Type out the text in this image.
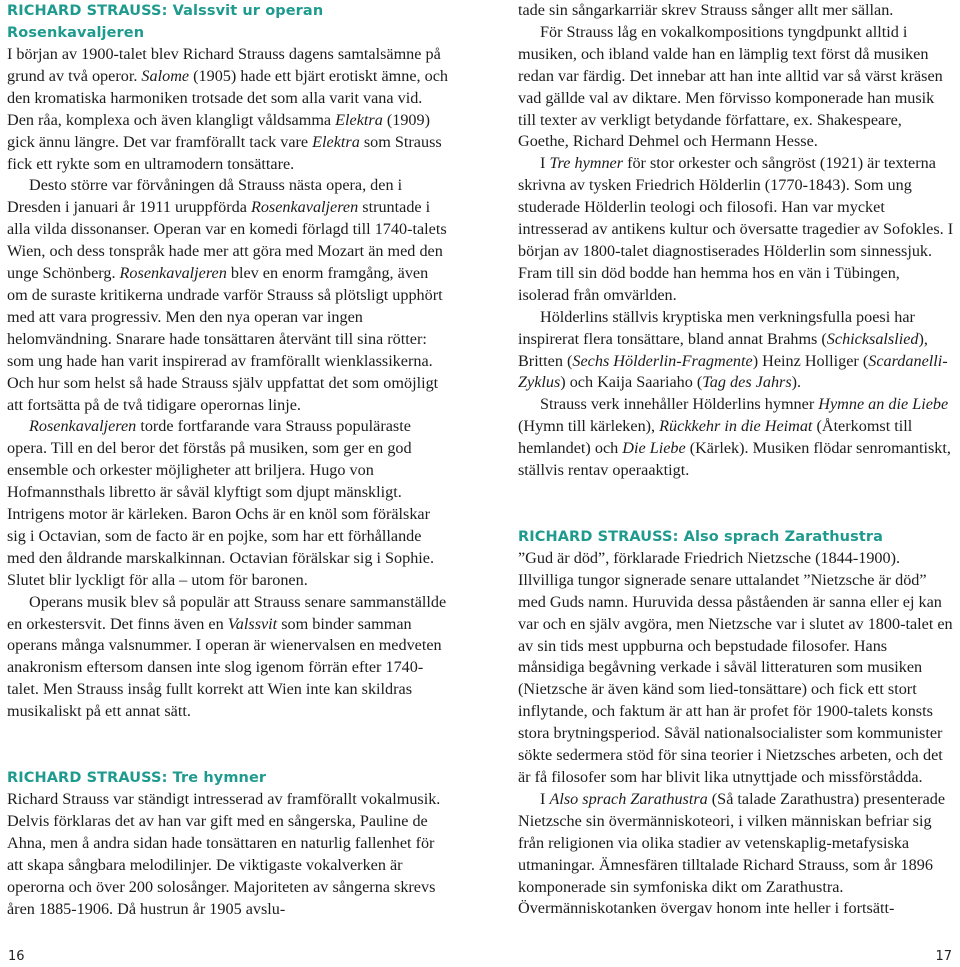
RICHARD STRAUSS: Valssvit ur operan Rosenkavaljeren

I början av 1900-talet blev Richard Strauss dagens samtalsämne på grund av två operor. Salome (1905) hade ett bjärt erotiskt ämne, och den kromatiska harmoniken trotsade det som alla varit vana vid. Den råa, komplexa och även klangligt våldsamma Elektra (1909) gick ännu längre. Det var framförallt tack vare Elektra som Strauss fick ett rykte som en ultramodern tonsättare.

Desto större var förvåningen då Strauss nästa opera, den i Dresden i januari år 1911 uruppförda Rosenkavaljeren struntade i alla vilda dissonanser. Operan var en komedi förlagd till 1740-talets Wien, och dess tonspråk hade mer att göra med Mozart än med den unge Schönberg. Rosenkavaljeren blev en enorm framgång, även om de suraste kritikerna undrade varför Strauss så plötsligt upphört med att vara progressiv. Men den nya operan var ingen helomvändning. Snarare hade tonsättaren återvänt till sina rötter: som ung hade han varit inspirerad av framförallt wienklassikerna. Och hur som helst så hade Strauss själv uppfattat det som omöjligt att fortsätta på de två tidigare operornas linje.

Rosenkavaljeren torde fortfarande vara Strauss populäraste opera. Till en del beror det förstås på musiken, som ger en god ensemble och orkester möjligheter att briljera. Hugo von Hofmannsthals libretto är såväl klyftigt som djupt mänskligt. Intrigens motor är kärleken. Baron Ochs är en knöl som förälskar sig i Octavian, som de facto är en pojke, som har ett förhållande med den åldrande marskalkinnan. Octavian förälskar sig i Sophie. Slutet blir lyckligt för alla – utom för baronen.

Operans musik blev så populär att Strauss senare sammanställde en orkestersvit. Det finns även en Valssvit som binder samman operans många valsnummer. I operan är wienervalsen en medveten anakronism eftersom dansen inte slog igenom förrän efter 1740-talet. Men Strauss insåg fullt korrekt att Wien inte kan skildras musikaliskt på ett annat sätt.

RICHARD STRAUSS: Tre hymner

Richard Strauss var ständigt intresserad av framförallt vokalmusik. Delvis förklaras det av han var gift med en sångerska, Pauline de Ahna, men å andra sidan hade tonsättaren en naturlig fallenhet för att skapa sångbara melodilinjer. De viktigaste vokalverken är operorna och över 200 solosånger. Majoriteten av sångerna skrevs åren 1885-1906. Då hustrun år 1905 avslu-

tade sin sångarkarriär skrev Strauss sånger allt mer sällan.

För Strauss låg en vokalkompositions tyngdpunkt alltid i musiken, och ibland valde han en lämplig text först då musiken redan var färdig. Det innebar att han inte alltid var så värst kräsen vad gällde val av diktare. Men förvisso komponerade han musik till texter av verkligt betydande författare, ex. Shakespeare, Goethe, Richard Dehmel och Hermann Hesse.

I Tre hymner för stor orkester och sångröst (1921) är texterna skrivna av tysken Friedrich Hölderlin (1770-1843). Som ung studerade Hölderlin teologi och filosofi. Han var mycket intresserad av antikens kultur och översatte tragedier av Sofokles. I början av 1800-talet diagnostiserades Hölderlin som sinnessjuk. Fram till sin död bodde han hemma hos en vän i Tübingen, isolerad från omvärlden.

Hölderlins ställvis kryptiska men verkningsfulla poesi har inspirerat flera tonsättare, bland annat Brahms (Schicksalslied), Britten (Sechs Hölderlin-Fragmente) Heinz Holliger (Scardanelli-Zyklus) och Kaija Saariaho (Tag des Jahrs).

Strauss verk innehåller Hölderlins hymner Hymne an die Liebe (Hymn till kärleken), Rückkehr in die Heimat (Återkomst till hemlandet) och Die Liebe (Kärlek). Musiken flödar senromantiskt, ställvis rentav operaaktigt.

RICHARD STRAUSS: Also sprach Zarathustra

”Gud är död”, förklarade Friedrich Nietzsche (1844-1900). Illvilliga tungor signerade senare uttalandet ”Nietzsche är död” med Guds namn. Huruvida dessa påståenden är sanna eller ej kan var och en själv avgöra, men Nietzsche var i slutet av 1800-talet en av sin tids mest uppburna och bepstudade filosofer. Hans månsidiga begåvning verkade i såväl litteraturen som musiken (Nietzsche är även känd som lied-tonsättare) och fick ett stort inflytande, och faktum är att han är profet för 1900-talets konsts stora brytningsperiod. Såväl nationalsocialister som kommunister sökte sedermera stöd för sina teorier i Nietzsches arbeten, och det är få filosofer som har blivit lika utnyttjade och missförstådda.

I Also sprach Zarathustra (Så talade Zarathustra) presenterade Nietzsche sin övermänniskoteori, i vilken människan befriar sig från religionen via olika stadier av vetenskaplig-metafysiska utmaningar. Ämnesfären tilltalade Richard Strauss, som år 1896 komponerade sin symfoniska dikt om Zarathustra. Övermänniskotanken övergav honom inte heller i fortsätt-

16	17
